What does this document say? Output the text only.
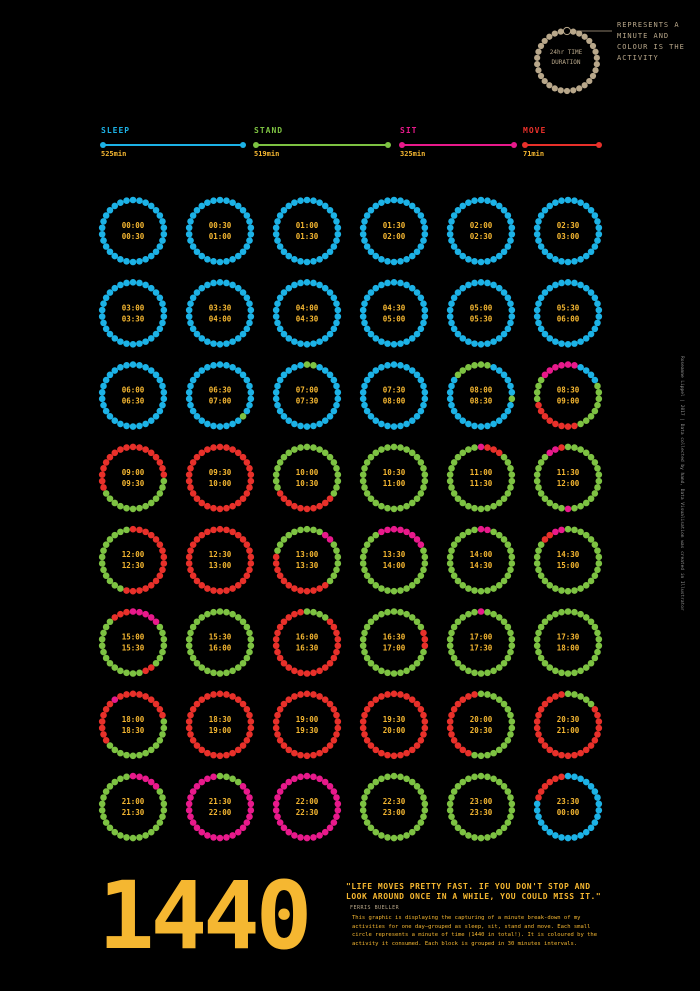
00:00
00:30
00:30
01:00
01:00
01:30
01:30
02:00
02:00
02:30
02:30
03:00
03:00
03:30
03:30
04:00
04:00
04:30
04:30
05:00
05:00
05:30
05:30
06:00
06:00
06:30
06:30
07:00
07:00
07:30
07:30
08:00
08:00
08:30
08:30
09:00
09:00
09:30
09:30
10:00
10:00
10:30
10:30
11:00
11:00
11:30
11:30
12:00
12:00
12:30
12:30
13:00
13:00
13:30
13:30
14:00
14:00
14:30
14:30
15:00
15:00
15:30
15:30
16:00
16:00
16:30
16:30
17:00
17:00
17:30
17:30
18:00
18:00
18:30
18:30
19:00
19:00
19:30
19:30
20:00
20:00
20:30
20:30
21:00
21:00
21:30
21:30
22:00
22:00
22:30
22:30
23:00
23:00
23:30
23:30
00:00
24hr TIME DURATION
REPRESENTS A MINUTE AND COLOUR IS THE ACTIVITY
SLEEP
525min
STAND
519min
SIT
325min
MOVE
71min
1440	"LIFE MOVES PRETTY FAST. IF YOU DON'T STOP AND LOOK AROUND ONCE IN A WHILE, YOU COULD MISS IT." FERRIS BUELLER
This graphic is displaying the capturing of a minute break-down of my activities for one day—grouped as sleep, sit, stand and move. Each small circle represents a minute of time (1440 in total!). It is coloured by the activity it consumed. Each block is grouped in 30 minutes intervals.
Roseanne Lippel | 2017 | Data collected by hand, Data Visualisation was created in Illustrator
